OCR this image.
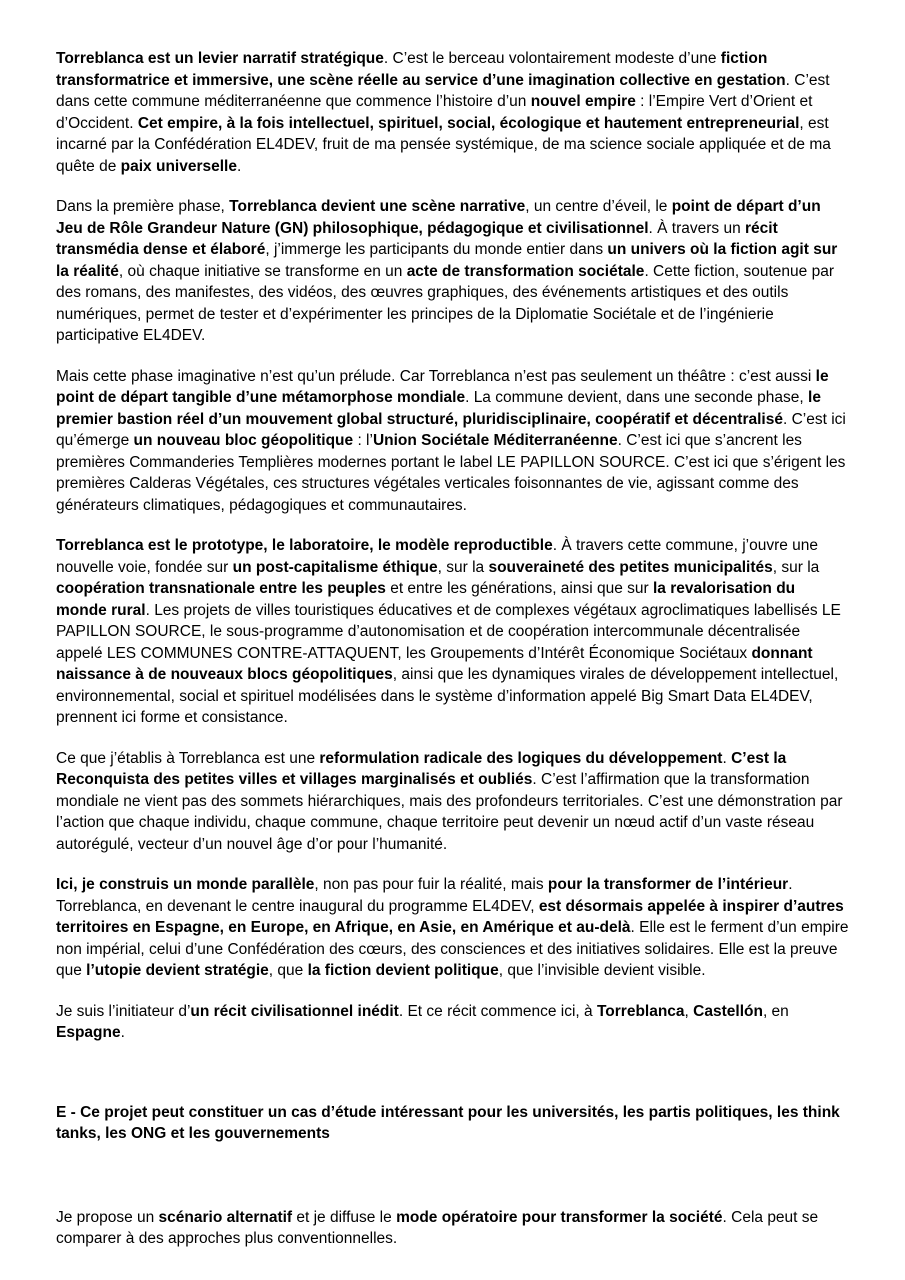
Torreblanca est un levier narratif stratégique. C’est le berceau volontairement modeste d’une fiction transformatrice et immersive, une scène réelle au service d’une imagination collective en gestation. C’est dans cette commune méditerranéenne que commence l’histoire d’un nouvel empire : l’Empire Vert d’Orient et d’Occident. Cet empire, à la fois intellectuel, spirituel, social, écologique et hautement entrepreneurial, est incarné par la Confédération EL4DEV, fruit de ma pensée systémique, de ma science sociale appliquée et de ma quête de paix universelle.

Dans la première phase, Torreblanca devient une scène narrative, un centre d’éveil, le point de départ d’un Jeu de Rôle Grandeur Nature (GN) philosophique, pédagogique et civilisationnel. À travers un récit transmédia dense et élaboré, j’immerge les participants du monde entier dans un univers où la fiction agit sur la réalité, où chaque initiative se transforme en un acte de transformation sociétale. Cette fiction, soutenue par des romans, des manifestes, des vidéos, des œuvres graphiques, des événements artistiques et des outils numériques, permet de tester et d’expérimenter les principes de la Diplomatie Sociétale et de l’ingénierie participative EL4DEV.

Mais cette phase imaginative n’est qu’un prélude. Car Torreblanca n’est pas seulement un théâtre : c’est aussi le point de départ tangible d’une métamorphose mondiale. La commune devient, dans une seconde phase, le premier bastion réel d’un mouvement global structuré, pluridisciplinaire, coopératif et décentralisé. C’est ici qu’émerge un nouveau bloc géopolitique : l’Union Sociétale Méditerranéenne. C’est ici que s’ancrent les premières Commanderies Templières modernes portant le label LE PAPILLON SOURCE. C’est ici que s’érigent les premières Calderas Végétales, ces structures végétales verticales foisonnantes de vie, agissant comme des générateurs climatiques, pédagogiques et communautaires.

Torreblanca est le prototype, le laboratoire, le modèle reproductible. À travers cette commune, j’ouvre une nouvelle voie, fondée sur un post-capitalisme éthique, sur la souveraineté des petites municipalités, sur la coopération transnationale entre les peuples et entre les générations, ainsi que sur la revalorisation du monde rural. Les projets de villes touristiques éducatives et de complexes végétaux agroclimatiques labellisés LE PAPILLON SOURCE, le sous-programme d’autonomisation et de coopération intercommunale décentralisée appelé LES COMMUNES CONTRE-ATTAQUENT, les Groupements d’Intérêt Économique Sociétaux donnant naissance à de nouveaux blocs géopolitiques, ainsi que les dynamiques virales de développement intellectuel, environnemental, social et spirituel modélisées dans le système d’information appelé Big Smart Data EL4DEV, prennent ici forme et consistance.

Ce que j’établis à Torreblanca est une reformulation radicale des logiques du développement. C’est la Reconquista des petites villes et villages marginalisés et oubliés. C’est l’affirmation que la transformation mondiale ne vient pas des sommets hiérarchiques, mais des profondeurs territoriales. C’est une démonstration par l’action que chaque individu, chaque commune, chaque territoire peut devenir un nœud actif d’un vaste réseau autorégulé, vecteur d’un nouvel âge d’or pour l’humanité.

Ici, je construis un monde parallèle, non pas pour fuir la réalité, mais pour la transformer de l’intérieur. Torreblanca, en devenant le centre inaugural du programme EL4DEV, est désormais appelée à inspirer d’autres territoires en Espagne, en Europe, en Afrique, en Asie, en Amérique et au-delà. Elle est le ferment d’un empire non impérial, celui d’une Confédération des cœurs, des consciences et des initiatives solidaires. Elle est la preuve que l’utopie devient stratégie, que la fiction devient politique, que l’invisible devient visible.

Je suis l’initiateur d’un récit civilisationnel inédit. Et ce récit commence ici, à Torreblanca, Castellón, en Espagne.

E - Ce projet peut constituer un cas d’étude intéressant pour les universités, les partis politiques, les think tanks, les ONG et les gouvernements

Je propose un scénario alternatif et je diffuse le mode opératoire pour transformer la société. Cela peut se comparer à des approches plus conventionnelles.
